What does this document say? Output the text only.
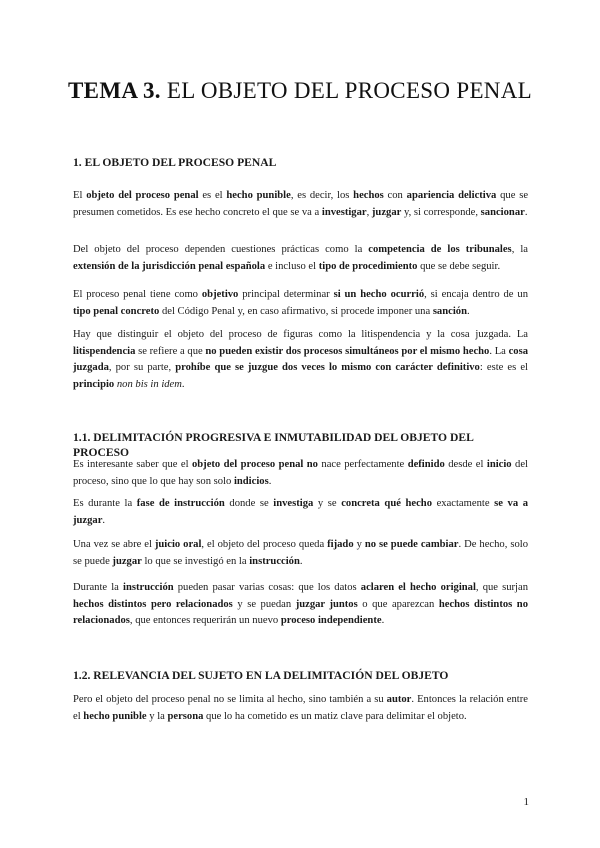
TEMA 3. EL OBJETO DEL PROCESO PENAL
1. EL OBJETO DEL PROCESO PENAL
El objeto del proceso penal es el hecho punible, es decir, los hechos con apariencia delictiva que se presumen cometidos. Es ese hecho concreto el que se va a investigar, juzgar y, si corresponde, sancionar.
Del objeto del proceso dependen cuestiones prácticas como la competencia de los tribunales, la extensión de la jurisdicción penal española e incluso el tipo de procedimiento que se debe seguir.
El proceso penal tiene como objetivo principal determinar si un hecho ocurrió, si encaja dentro de un tipo penal concreto del Código Penal y, en caso afirmativo, si procede imponer una sanción.
Hay que distinguir el objeto del proceso de figuras como la litispendencia y la cosa juzgada. La litispendencia se refiere a que no pueden existir dos procesos simultáneos por el mismo hecho. La cosa juzgada, por su parte, prohíbe que se juzgue dos veces lo mismo con carácter definitivo: este es el principio non bis in idem.
1.1. DELIMITACIÓN PROGRESIVA E INMUTABILIDAD DEL OBJETO DEL PROCESO
Es interesante saber que el objeto del proceso penal no nace perfectamente definido desde el inicio del proceso, sino que lo que hay son solo indicios.
Es durante la fase de instrucción donde se investiga y se concreta qué hecho exactamente se va a juzgar.
Una vez se abre el juicio oral, el objeto del proceso queda fijado y no se puede cambiar. De hecho, solo se puede juzgar lo que se investigó en la instrucción.
Durante la instrucción pueden pasar varias cosas: que los datos aclaren el hecho original, que surjan hechos distintos pero relacionados y se puedan juzgar juntos o que aparezcan hechos distintos no relacionados, que entonces requerirán un nuevo proceso independiente.
1.2. RELEVANCIA DEL SUJETO EN LA DELIMITACIÓN DEL OBJETO
Pero el objeto del proceso penal no se limita al hecho, sino también a su autor. Entonces la relación entre el hecho punible y la persona que lo ha cometido es un matiz clave para delimitar el objeto.
1
